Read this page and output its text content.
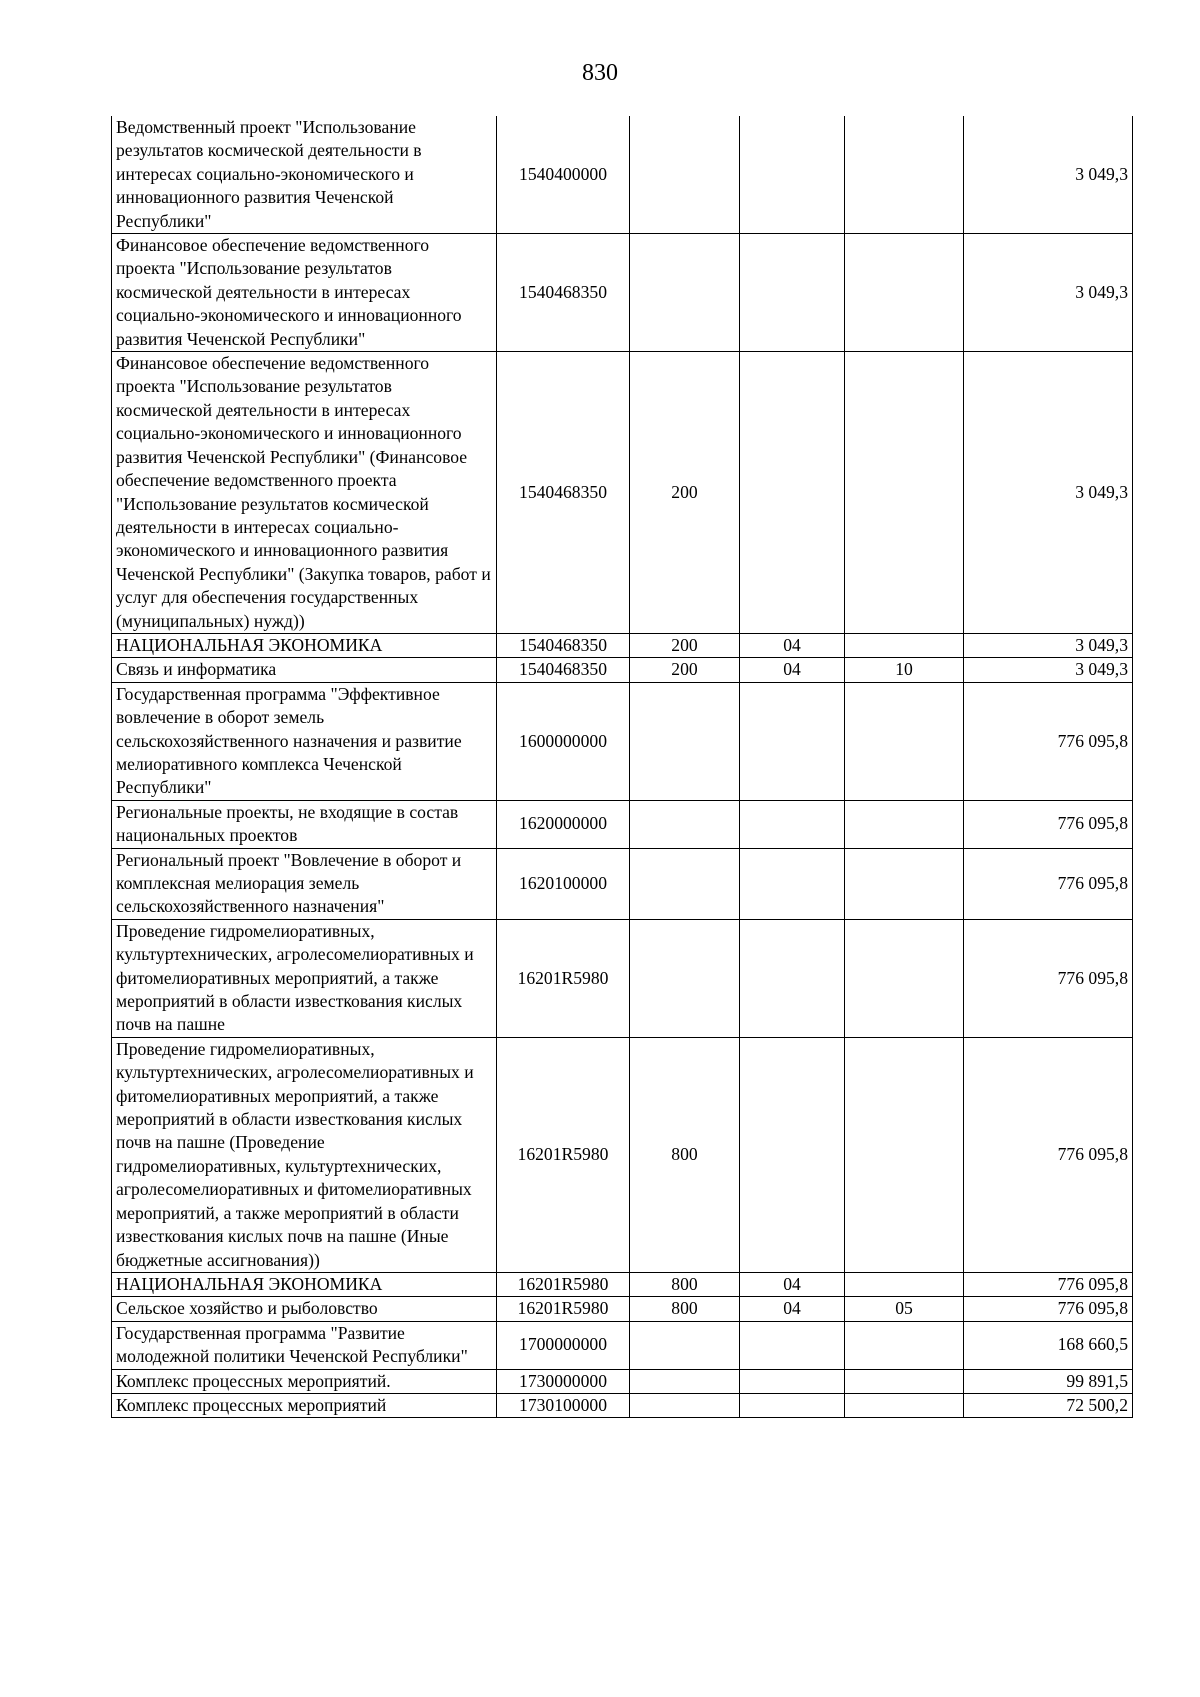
830
Ведомственный проект "Использование результатов космической деятельности в интересах социально-экономического и инновационного развития Чеченской Республики"	1540400000				3 049,3
Финансовое обеспечение ведомственного проекта "Использование результатов космической деятельности в интересах социально-экономического и инновационного развития Чеченской Республики"	1540468350				3 049,3
Финансовое обеспечение ведомственного проекта "Использование результатов космической деятельности в интересах социально-экономического и инновационного развития Чеченской Республики" (Финансовое обеспечение ведомственного проекта "Использование результатов космической деятельности в интересах социально-экономического и инновационного развития Чеченской Республики" (Закупка товаров, работ и услуг для обеспечения государственных (муниципальных) нужд))	1540468350	200			3 049,3
НАЦИОНАЛЬНАЯ ЭКОНОМИКА	1540468350	200	04		3 049,3
Связь и информатика	1540468350	200	04	10	3 049,3
Государственная программа "Эффективное вовлечение в оборот земель сельскохозяйственного назначения и развитие мелиоративного комплекса Чеченской Республики"	1600000000				776 095,8
Региональные проекты, не входящие в состав национальных проектов	1620000000				776 095,8
Региональный проект "Вовлечение в оборот и комплексная мелиорация земель сельскохозяйственного назначения"	1620100000				776 095,8
Проведение гидромелиоративных, культуртехнических, агролесомелиоративных и фитомелиоративных мероприятий, а также мероприятий в области известкования кислых почв на пашне	16201R5980				776 095,8
Проведение гидромелиоративных, культуртехнических, агролесомелиоративных и фитомелиоративных мероприятий, а также мероприятий в области известкования кислых почв на пашне (Проведение гидромелиоративных, культуртехнических, агролесомелиоративных и фитомелиоративных мероприятий, а также мероприятий в области известкования кислых почв на пашне (Иные бюджетные ассигнования))	16201R5980	800			776 095,8
НАЦИОНАЛЬНАЯ ЭКОНОМИКА	16201R5980	800	04		776 095,8
Сельское хозяйство и рыболовство	16201R5980	800	04	05	776 095,8
Государственная программа "Развитие молодежной политики Чеченской Республики"	1700000000				168 660,5
Комплекс процессных мероприятий.	1730000000				99 891,5
Комплекс процессных мероприятий	1730100000				72 500,2
